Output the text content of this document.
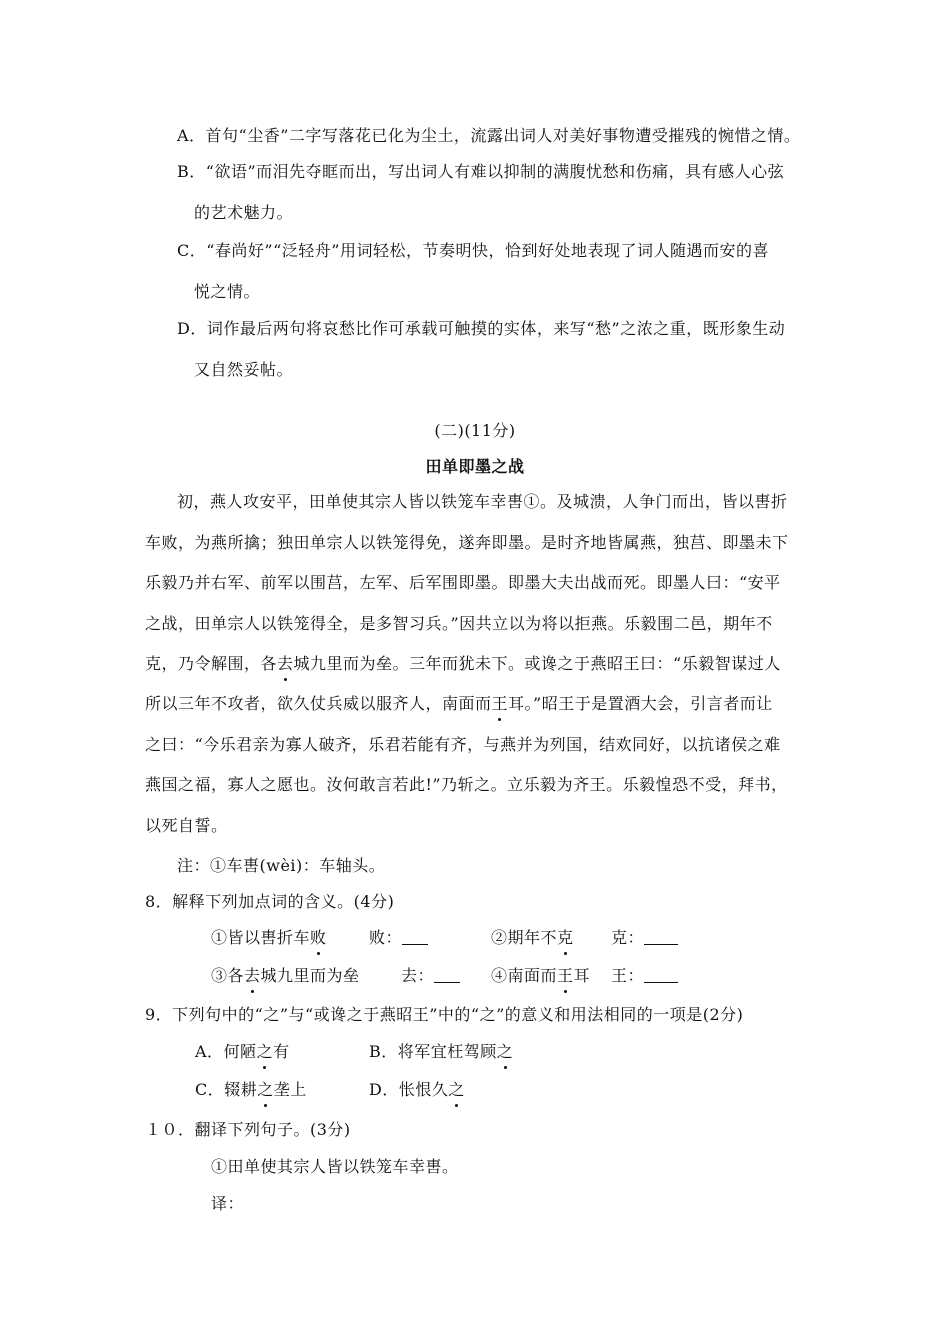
A．首句“尘香”二字写落花已化为尘土，流露出词人对美好事物遭受摧残的惋惜之情。
B．“欲语”而泪先夺眶而出，写出词人有难以抑制的满腹忧愁和伤痛，具有感人心弦
的艺术魅力。
C．“春尚好”“泛轻舟”用词轻松，节奏明快，恰到好处地表现了词人随遇而安的喜
悦之情。
D．词作最后两句将哀愁比作可承载可触摸的实体，来写“愁”之浓之重，既形象生动
又自然妥帖。
(二)(11分)
田单即墨之战
初，燕人攻安平，田单使其宗人皆以铁笼车幸軎①。及城溃，人争门而出，皆以軎折
车败，为燕所擒；独田单宗人以铁笼得免，遂奔即墨。是时齐地皆属燕，独莒、即墨未下
乐毅乃并右军、前军以围莒，左军、后军围即墨。即墨大夫出战而死。即墨人曰：“安平
之战，田单宗人以铁笼得全，是多智习兵。”因共立以为将以拒燕。乐毅围二邑，期年不
克，乃令解围，各去城九里而为垒。三年而犹未下。或谗之于燕昭王曰：“乐毅智谋过人
所以三年不攻者，欲久仗兵威以服齐人，南面而王耳。”昭王于是置酒大会，引言者而让
之曰：“今乐君亲为寡人破齐，乐君若能有齐，与燕并为列国，结欢同好，以抗诸侯之难
燕国之福，寡人之愿也。汝何敢言若此!”乃斩之。立乐毅为齐王。乐毅惶恐不受，拜书，
以死自誓。
注：①车軎(wèi)：车轴头。
8．解释下列加点词的含义。(4分)
①皆以軎折车败	败：	②期年不克 克：
③各去城九里而为垒	去：	④南面而王耳 王：
9．下列句中的“之”与“或谗之于燕昭王”中的“之”的意义和用法相同的一项是(2分)
A．何陋之有	B．将军宜枉驾顾之
C．辍耕之垄上	D．怅恨久之
１０．翻译下列句子。(3分)
①田单使其宗人皆以铁笼车幸軎。
译：
